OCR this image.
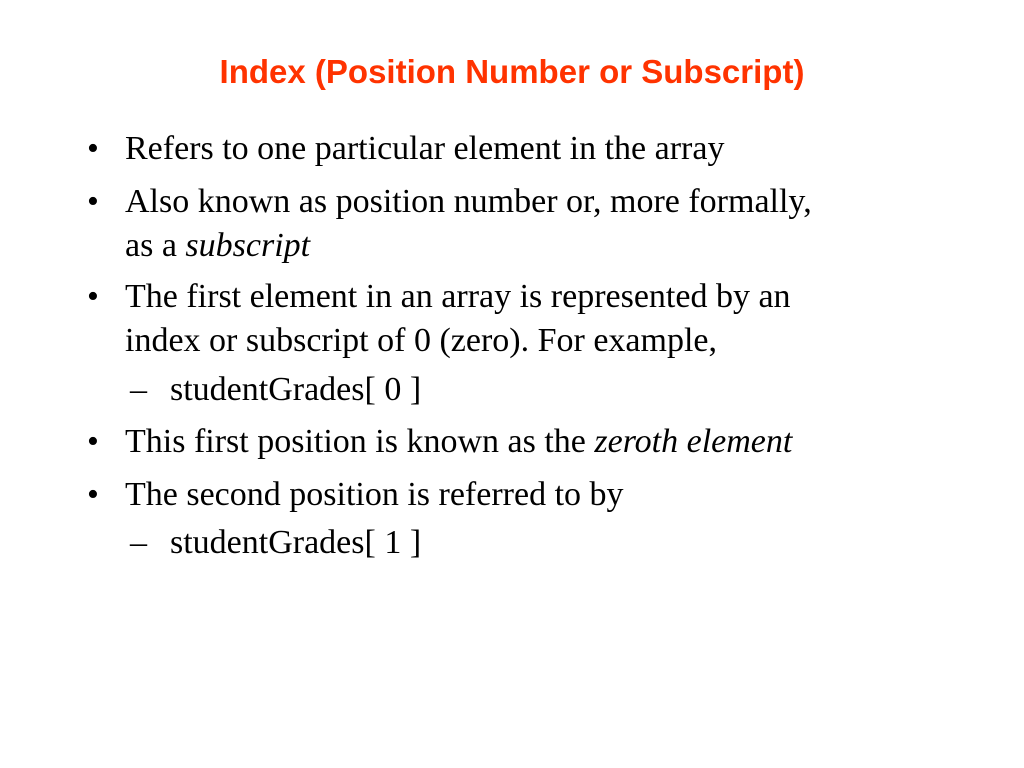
Index (Position Number or Subscript)
• Refers to one particular element in the array
• Also known as position number or, more formally,
as a subscript
• The first element in an array is represented by an
index or subscript of 0 (zero). For example,
– studentGrades[ 0 ]
• This first position is known as the zeroth element
• The second position is referred to by
– studentGrades[ 1 ]
